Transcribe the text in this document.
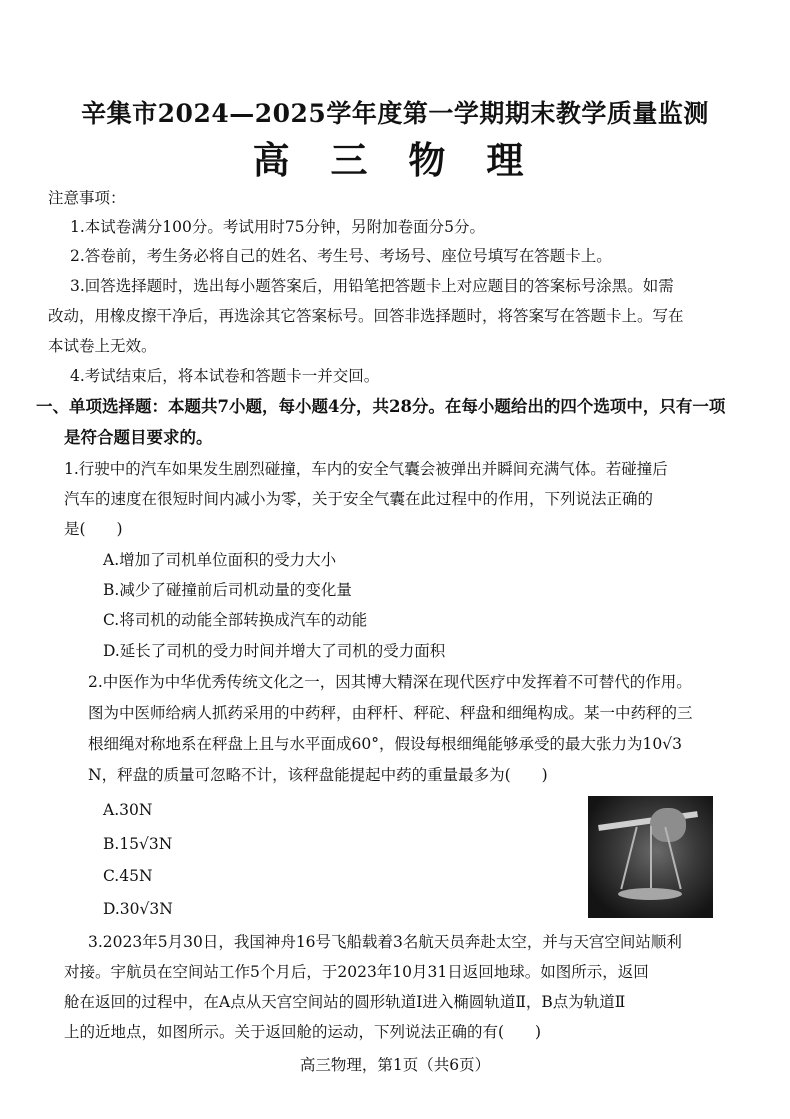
辛集市2024—2025学年度第一学期期末教学质量监测
高 三 物 理
注意事项：
1.本试卷满分100分。考试用时75分钟，另附加卷面分5分。
2.答卷前，考生务必将自己的姓名、考生号、考场号、座位号填写在答题卡上。
3.回答选择题时，选出每小题答案后，用铅笔把答题卡上对应题目的答案标号涂黑。如需
改动，用橡皮擦干净后，再选涂其它答案标号。回答非选择题时，将答案写在答题卡上。写在
本试卷上无效。
4.考试结束后，将本试卷和答题卡一并交回。
一、单项选择题：本题共7小题，每小题4分，共28分。在每小题给出的四个选项中，只有一项
是符合题目要求的。
1.行驶中的汽车如果发生剧烈碰撞，车内的安全气囊会被弹出并瞬间充满气体。若碰撞后
汽车的速度在很短时间内减小为零，关于安全气囊在此过程中的作用，下列说法正确的
是(　　)
A.增加了司机单位面积的受力大小
B.减少了碰撞前后司机动量的变化量
C.将司机的动能全部转换成汽车的动能
D.延长了司机的受力时间并增大了司机的受力面积
2.中医作为中华优秀传统文化之一，因其博大精深在现代医疗中发挥着不可替代的作用。
图为中医师给病人抓药采用的中药秤，由秤杆、秤砣、秤盘和细绳构成。某一中药秤的三
根细绳对称地系在秤盘上且与水平面成60°，假设每根细绳能够承受的最大张力为10√3
N，秤盘的质量可忽略不计，该秤盘能提起中药的重量最多为(　　)
A.30N
B.15√3N
C.45N
D.30√3N
3.2023年5月30日，我国神舟16号飞船载着3名航天员奔赴太空，并与天宫空间站顺利
对接。宇航员在空间站工作5个月后，于2023年10月31日返回地球。如图所示，返回
舱在返回的过程中，在A点从天宫空间站的圆形轨道Ⅰ进入椭圆轨道Ⅱ，B点为轨道Ⅱ
上的近地点，如图所示。关于返回舱的运动，下列说法正确的有(　　)
高三物理，第1页（共6页）
